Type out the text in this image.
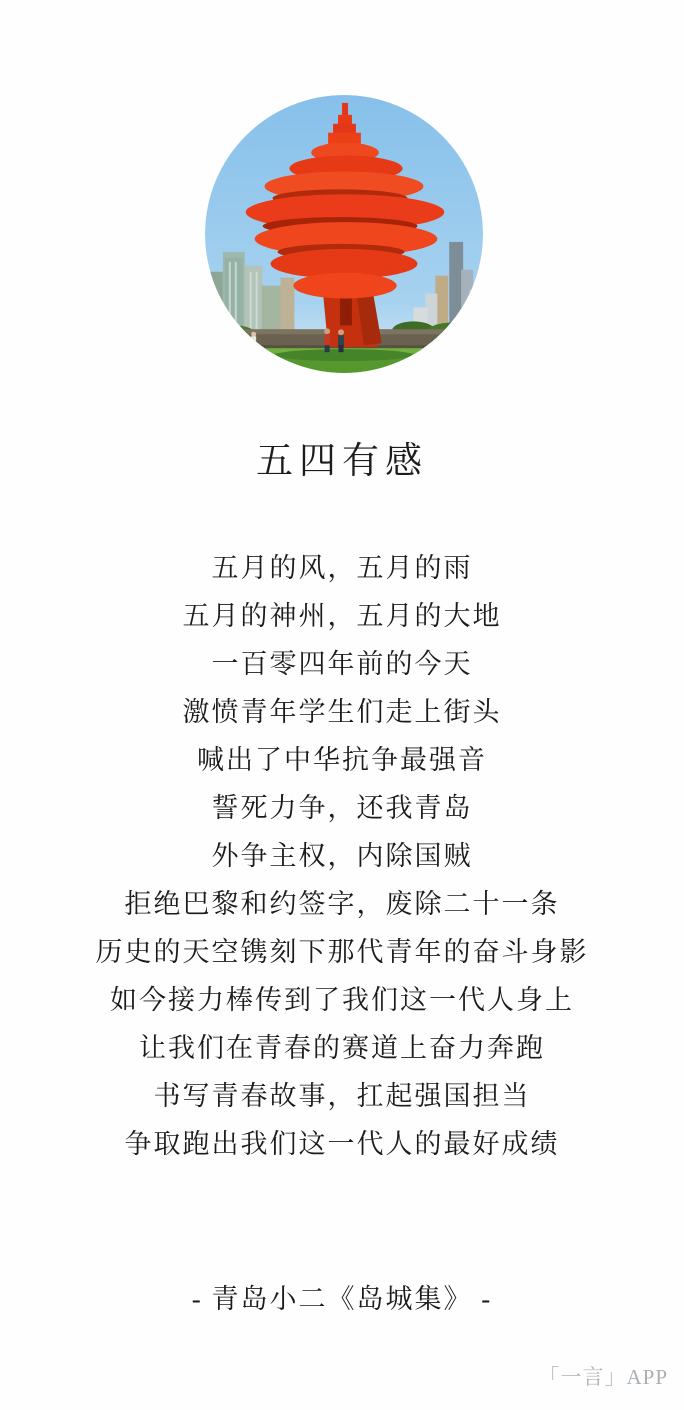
五四有感
五月的风，五月的雨
五月的神州，五月的大地
一百零四年前的今天
激愤青年学生们走上街头
喊出了中华抗争最强音
誓死力争，还我青岛
外争主权，内除国贼
拒绝巴黎和约签字，废除二十一条
历史的天空镌刻下那代青年的奋斗身影
如今接力棒传到了我们这一代人身上
让我们在青春的赛道上奋力奔跑
书写青春故事，扛起强国担当
争取跑出我们这一代人的最好成绩
- 青岛小二《岛城集》 -
「一言」APP
